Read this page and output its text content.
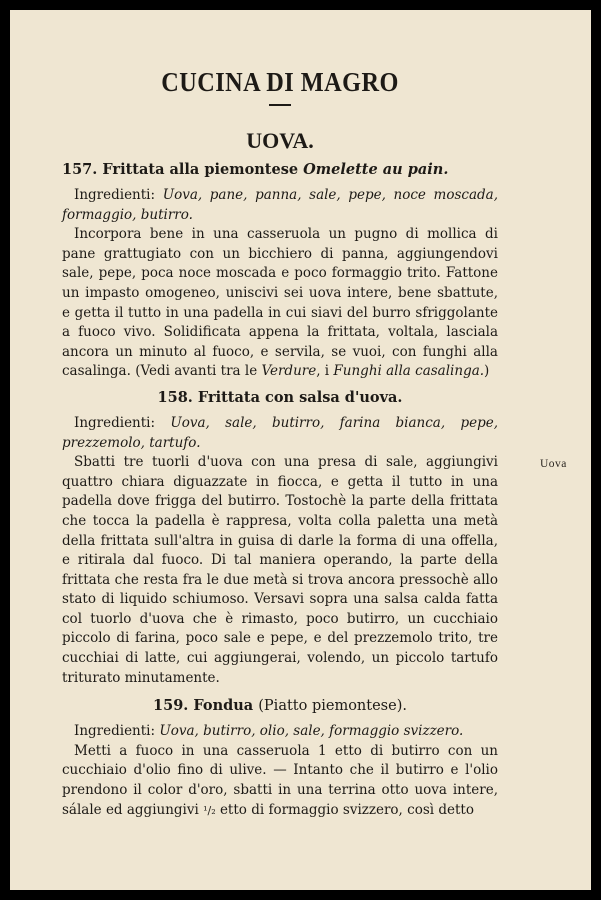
CUCINA DI MAGRO
UOVA.

157. Frittata alla piemontese Omelette au pain.

Ingredienti: Uova, pane, panna, sale, pepe, noce moscada, formaggio, butirro.

Incorpora bene in una casseruola un pugno di mollica di pane grattugiato con un bicchiero di panna, aggiungendovi sale, pepe, poca noce moscada e poco formaggio trito. Fattone un impasto omogeneo, uniscivi sei uova intere, bene sbattute, e getta il tutto in una padella in cui siavi del burro sfriggolante a fuoco vivo. Solidificata appena la frittata, voltala, lasciala ancora un minuto al fuoco, e servila, se vuoi, con funghi alla casalinga. (Vedi avanti tra le Verdure, i Funghi alla casalinga.)

158. Frittata con salsa d'uova.

Ingredienti: Uova, sale, butirro, farina bianca, pepe, prezzemolo, tartufo.

Sbatti tre tuorli d'uova con una presa di sale, aggiungivi quattro chiara diguazzate in fiocca, e getta il tutto in una padella dove frigga del butirro. Tostochè la parte della frittata che tocca la padella è rappresa, volta colla paletta una metà della frittata sull'altra in guisa di darle la forma di una offella, e ritirala dal fuoco. Di tal maniera operando, la parte della frittata che resta fra le due metà si trova ancora pressochè allo stato di liquido schiumoso. Versavi sopra una salsa calda fatta col tuorlo d'uova che è rimasto, poco butirro, un cucchiaio piccolo di farina, poco sale e pepe, e del prezzemolo trito, tre cucchiai di latte, cui aggiungerai, volendo, un piccolo tartufo triturato minutamente.

159. Fondua (Piatto piemontese).

Ingredienti: Uova, butirro, olio, sale, formaggio svizzero.

Metti a fuoco in una casseruola 1 etto di butirro con un cucchiaio d'olio fino di ulive. — Intanto che il butirro e l'olio prendono il color d'oro, sbatti in una terrina otto uova intere, sálale ed aggiungivi ¹/₂ etto di formaggio svizzero, così detto

Uova
